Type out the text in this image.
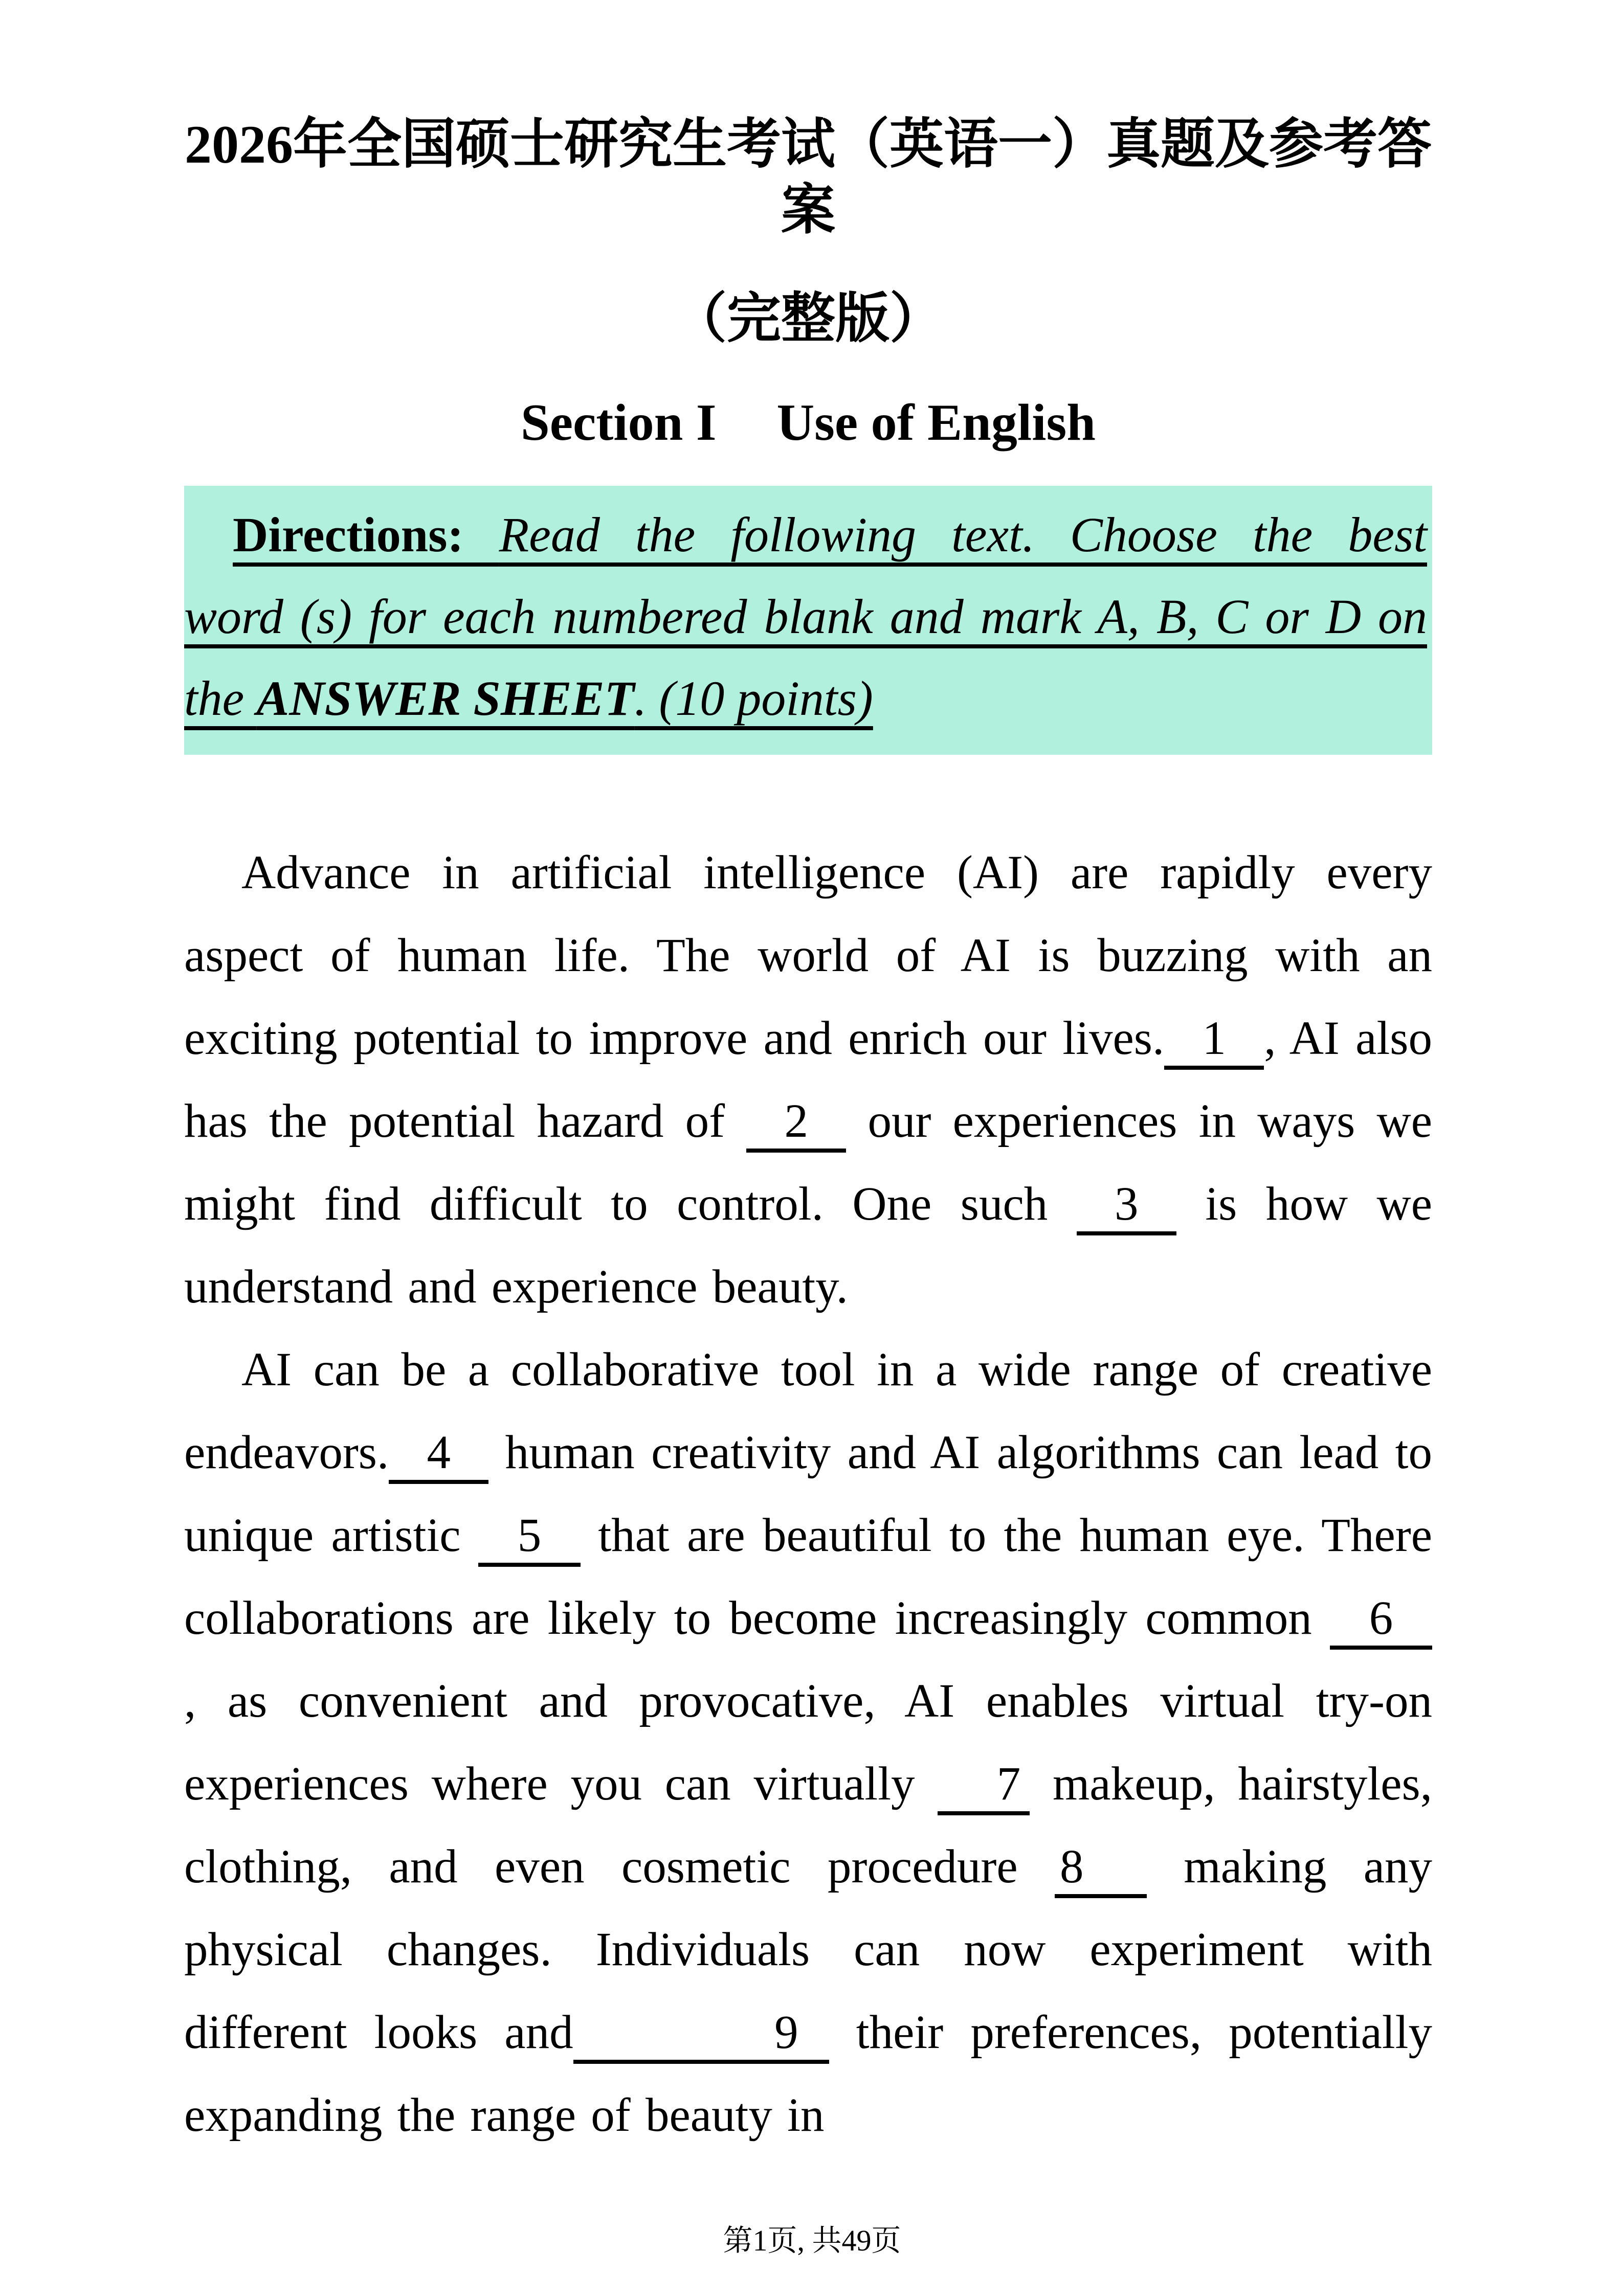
2026年全国硕士研究生考试（英语一）真题及参考答案
（完整版）
Section I Use of English
Directions: Read the following text. Choose the best
word (s) for each numbered blank and mark A, B, C or D on
the ANSWER SHEET. (10 points)
Advance in artificial intelligence (AI) are rapidly every aspect of human life. The world of AI is buzzing with an exciting potential to improve and enrich our lives. 1 , AI also has the potential hazard of 2 our experiences in ways we might find difficult to control. One such 3 is how we understand and experience beauty.
AI can be a collaborative tool in a wide range of creative endeavors. 4 human creativity and AI algorithms can lead to unique artistic 5 that are beautiful to the human eye. There collaborations are likely to become increasingly common 6 , as convenient and provocative, AI enables virtual try-on experiences where you can virtually 7 makeup, hairstyles, clothing, and even cosmetic procedure 8 making any physical changes. Individuals can now experiment with different looks and	9 their preferences, potentially expanding the range of beauty in
第1页, 共49页
